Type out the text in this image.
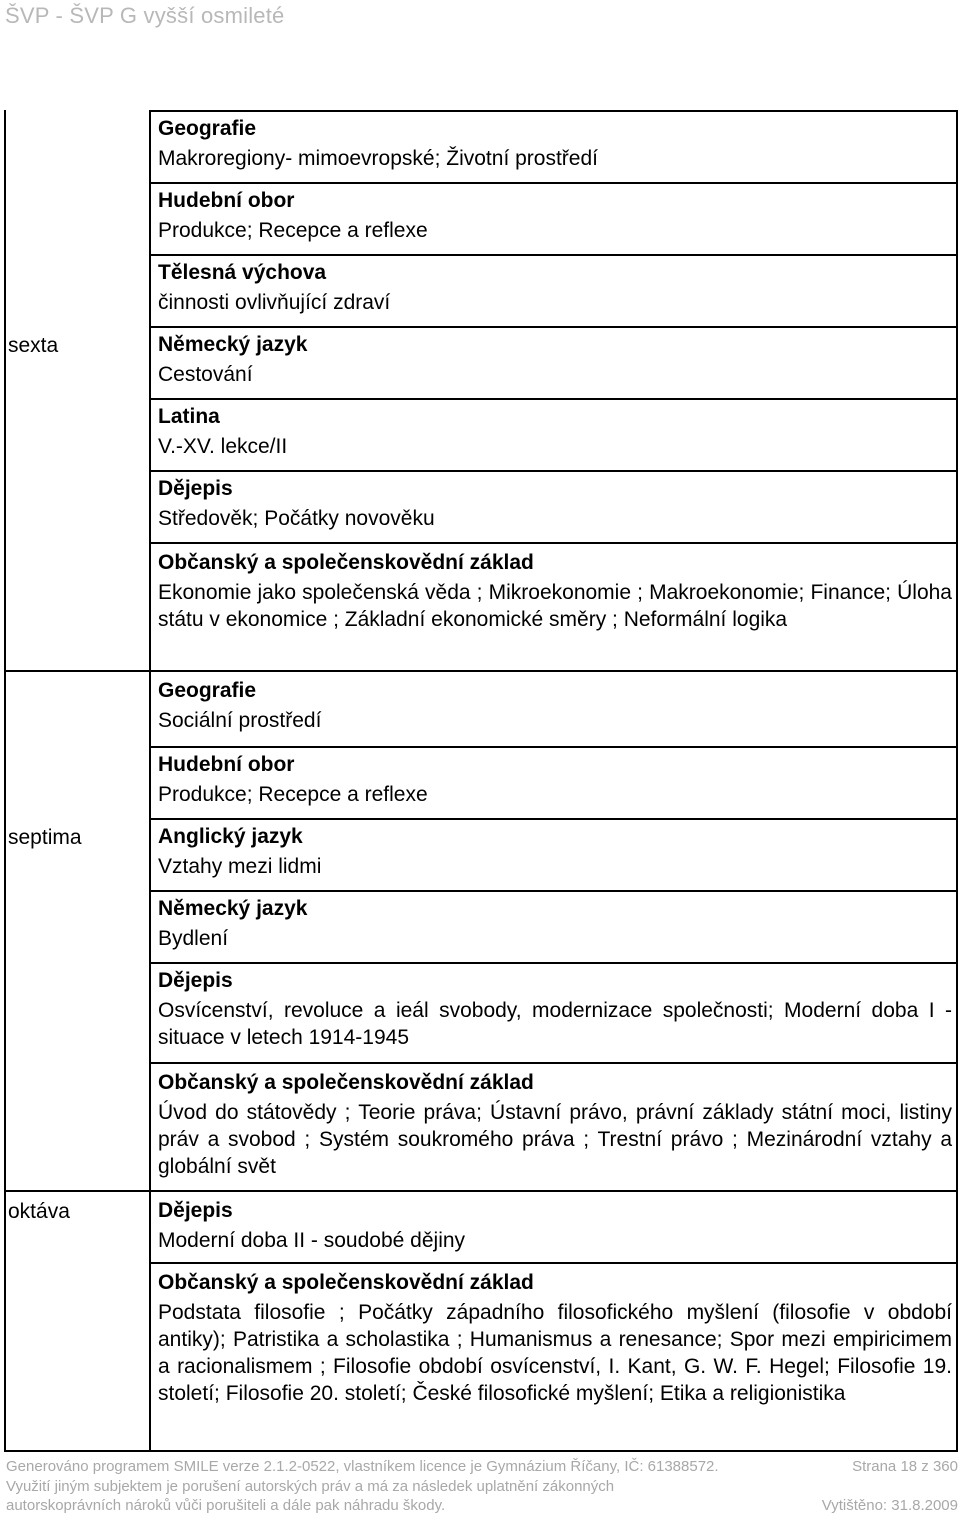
ŠVP - ŠVP G vyšší osmileté
sexta
septima
oktáva
Geografie
Makroregiony- mimoevropské; Životní prostředí
Hudební obor
Produkce; Recepce a reflexe
Tělesná výchova
činnosti ovlivňující zdraví
Německý jazyk
Cestování
Latina
V.-XV. lekce/II
Dějepis
Středověk; Počátky novověku
Občanský a společenskovědní základ
Ekonomie jako společenská věda ; Mikroekonomie ; Makroekonomie; Finance; Úloha státu v ekonomice ; Základní ekonomické směry ; Neformální logika
Geografie
Sociální prostředí
Hudební obor
Produkce; Recepce a reflexe
Anglický jazyk
Vztahy mezi lidmi
Německý jazyk
Bydlení
Dějepis
Osvícenství, revoluce a ieál svobody, modernizace společnosti; Moderní doba I - situace v letech 1914-1945
Občanský a společenskovědní základ
Úvod do státovědy ; Teorie práva; Ústavní právo, právní základy státní moci, listiny práv a svobod ; Systém soukromého práva ; Trestní právo ; Mezinárodní vztahy a globální svět
Dějepis
Moderní doba II - soudobé dějiny
Občanský a společenskovědní základ
Podstata filosofie ; Počátky západního filosofického myšlení (filosofie v období antiky); Patristika a scholastika ; Humanismus a renesance; Spor mezi empiricimem a racionalismem ; Filosofie období osvícenství, I. Kant, G. W. F. Hegel; Filosofie 19. století; Filosofie 20. století; České filosofické myšlení; Etika a religionistika
Generováno programem SMILE verze 2.1.2-0522, vlastníkem licence je Gymnázium Říčany, IČ: 61388572.	Strana 18 z 360
Využití jiným subjektem je porušení autorských práv a má za následek uplatnění zákonných
autorskoprávních nároků vůči porušiteli a dále pak náhradu škody.	Vytištěno: 31.8.2009
